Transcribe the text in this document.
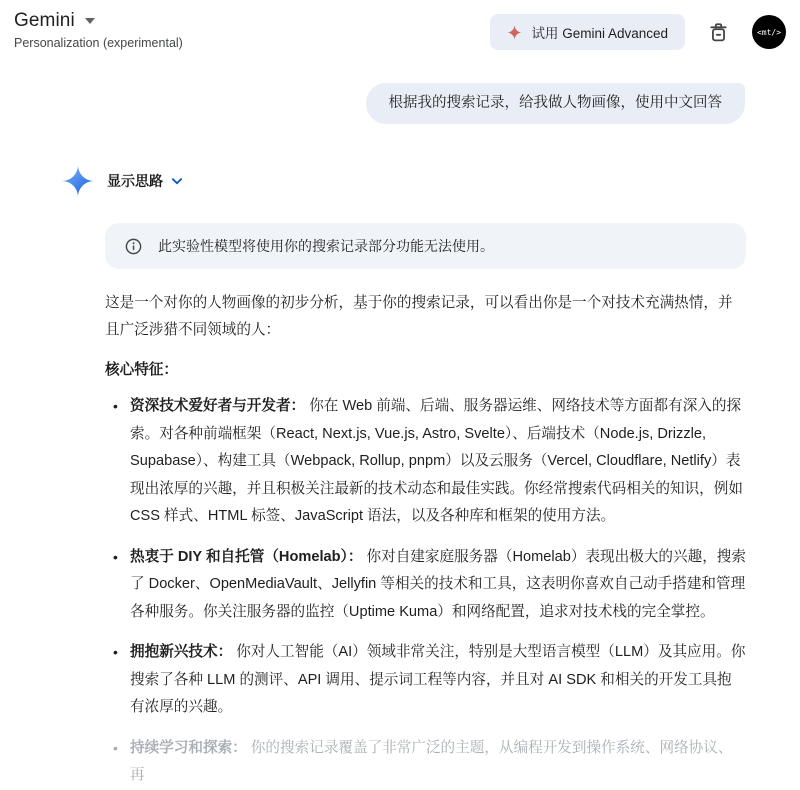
Gemini
Personalization (experimental)
试用 Gemini Advanced	<mt/>
根据我的搜索记录，给我做人物画像，使用中文回答
显示思路
此实验性模型将使用你的搜索记录部分功能无法使用。

这是一个对你的人物画像的初步分析，基于你的搜索记录，可以看出你是一个对技术充满热情，并且广泛涉猎不同领域的人：

核心特征：

• 资深技术爱好者与开发者： 你在 Web 前端、后端、服务器运维、网络技术等方面都有深入的探索。对各种前端框架（React, Next.js, Vue.js, Astro, Svelte）、后端技术（Node.js, Drizzle, Supabase）、构建工具（Webpack, Rollup, pnpm）以及云服务（Vercel, Cloudflare, Netlify）表现出浓厚的兴趣，并且积极关注最新的技术动态和最佳实践。你经常搜索代码相关的知识，例如 CSS 样式、HTML 标签、JavaScript 语法，以及各种库和框架的使用方法。
• 热衷于 DIY 和自托管（Homelab）： 你对自建家庭服务器（Homelab）表现出极大的兴趣，搜索了 Docker、OpenMediaVault、Jellyfin 等相关的技术和工具，这表明你喜欢自己动手搭建和管理各种服务。你关注服务器的监控（Uptime Kuma）和网络配置，追求对技术栈的完全掌控。
• 拥抱新兴技术： 你对人工智能（AI）领域非常关注，特别是大型语言模型（LLM）及其应用。你搜索了各种 LLM 的测评、API 调用、提示词工程等内容，并且对 AI SDK 和相关的开发工具抱有浓厚的兴趣。
• 持续学习和探索： 你的搜索记录覆盖了非常广泛的主题，从编程开发到操作系统、网络协议、再
